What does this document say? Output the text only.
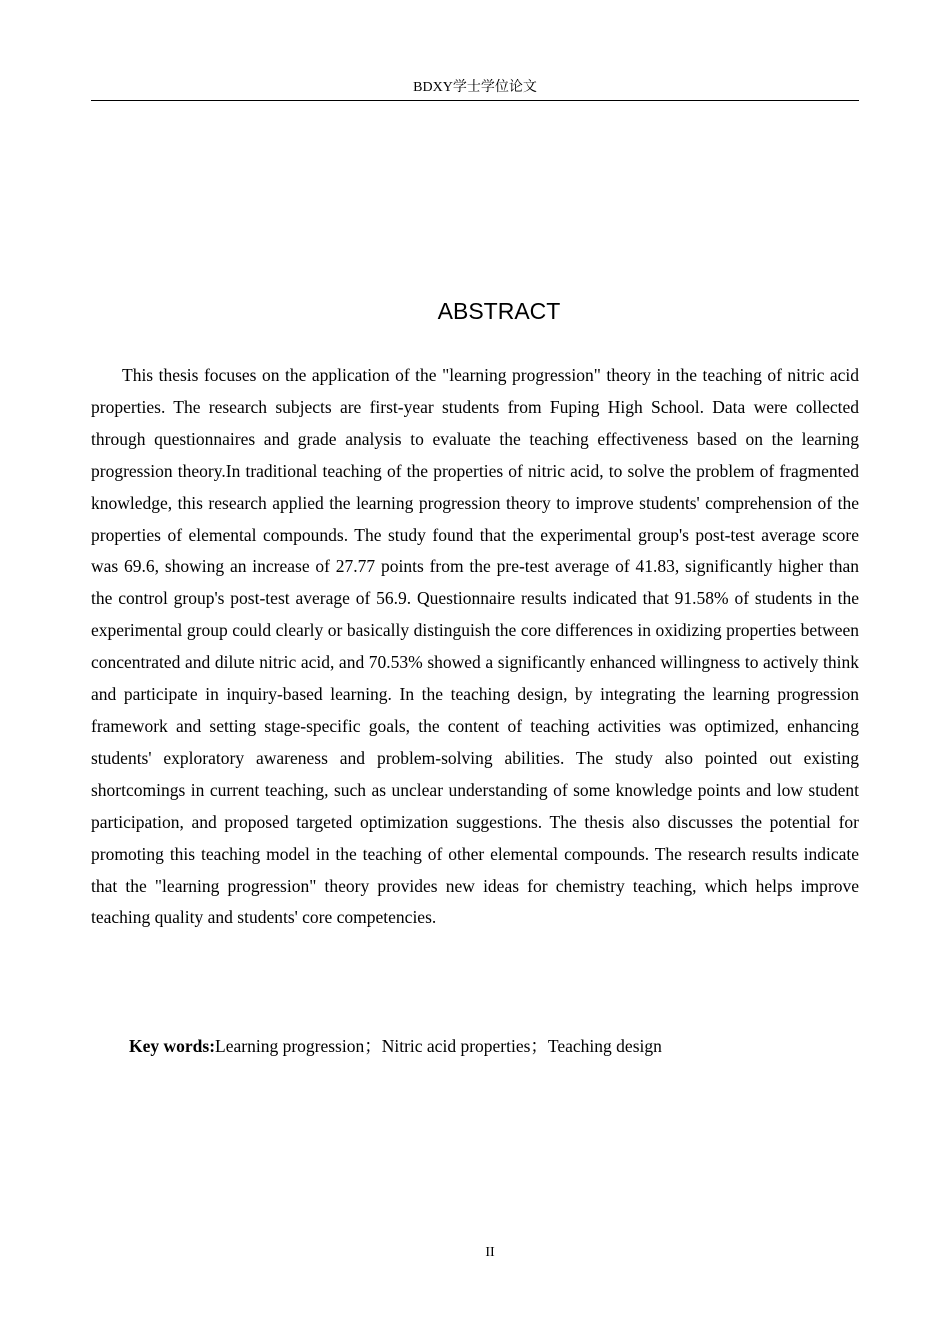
BDXY学士学位论文
ABSTRACT

This thesis focuses on the application of the "learning progression" theory in the teaching of nitric acid properties. The research subjects are first-year students from Fuping High School. Data were collected through questionnaires and grade analysis to evaluate the teaching effectiveness based on the learning progression theory.In traditional teaching of the properties of nitric acid, to solve the problem of fragmented knowledge, this research applied the learning progression theory to improve students' comprehension of the properties of elemental compounds. The study found that the experimental group's post-test average score was 69.6, showing an increase of 27.77 points from the pre-test average of 41.83, significantly higher than the control group's post-test average of 56.9. Questionnaire results indicated that 91.58% of students in the experimental group could clearly or basically distinguish the core differences in oxidizing properties between concentrated and dilute nitric acid, and 70.53% showed a significantly enhanced willingness to actively think and participate in inquiry-based learning. In the teaching design, by integrating the learning progression framework and setting stage-specific goals, the content of teaching activities was optimized, enhancing students' exploratory awareness and problem-solving abilities. The study also pointed out existing shortcomings in current teaching, such as unclear understanding of some knowledge points and low student participation, and proposed targeted optimization suggestions. The thesis also discusses the potential for promoting this teaching model in the teaching of other elemental compounds. The research results indicate that the "learning progression" theory provides new ideas for chemistry teaching, which helps improve teaching quality and students' core competencies.

Key words:Learning progression；Nitric acid properties；Teaching design
II
